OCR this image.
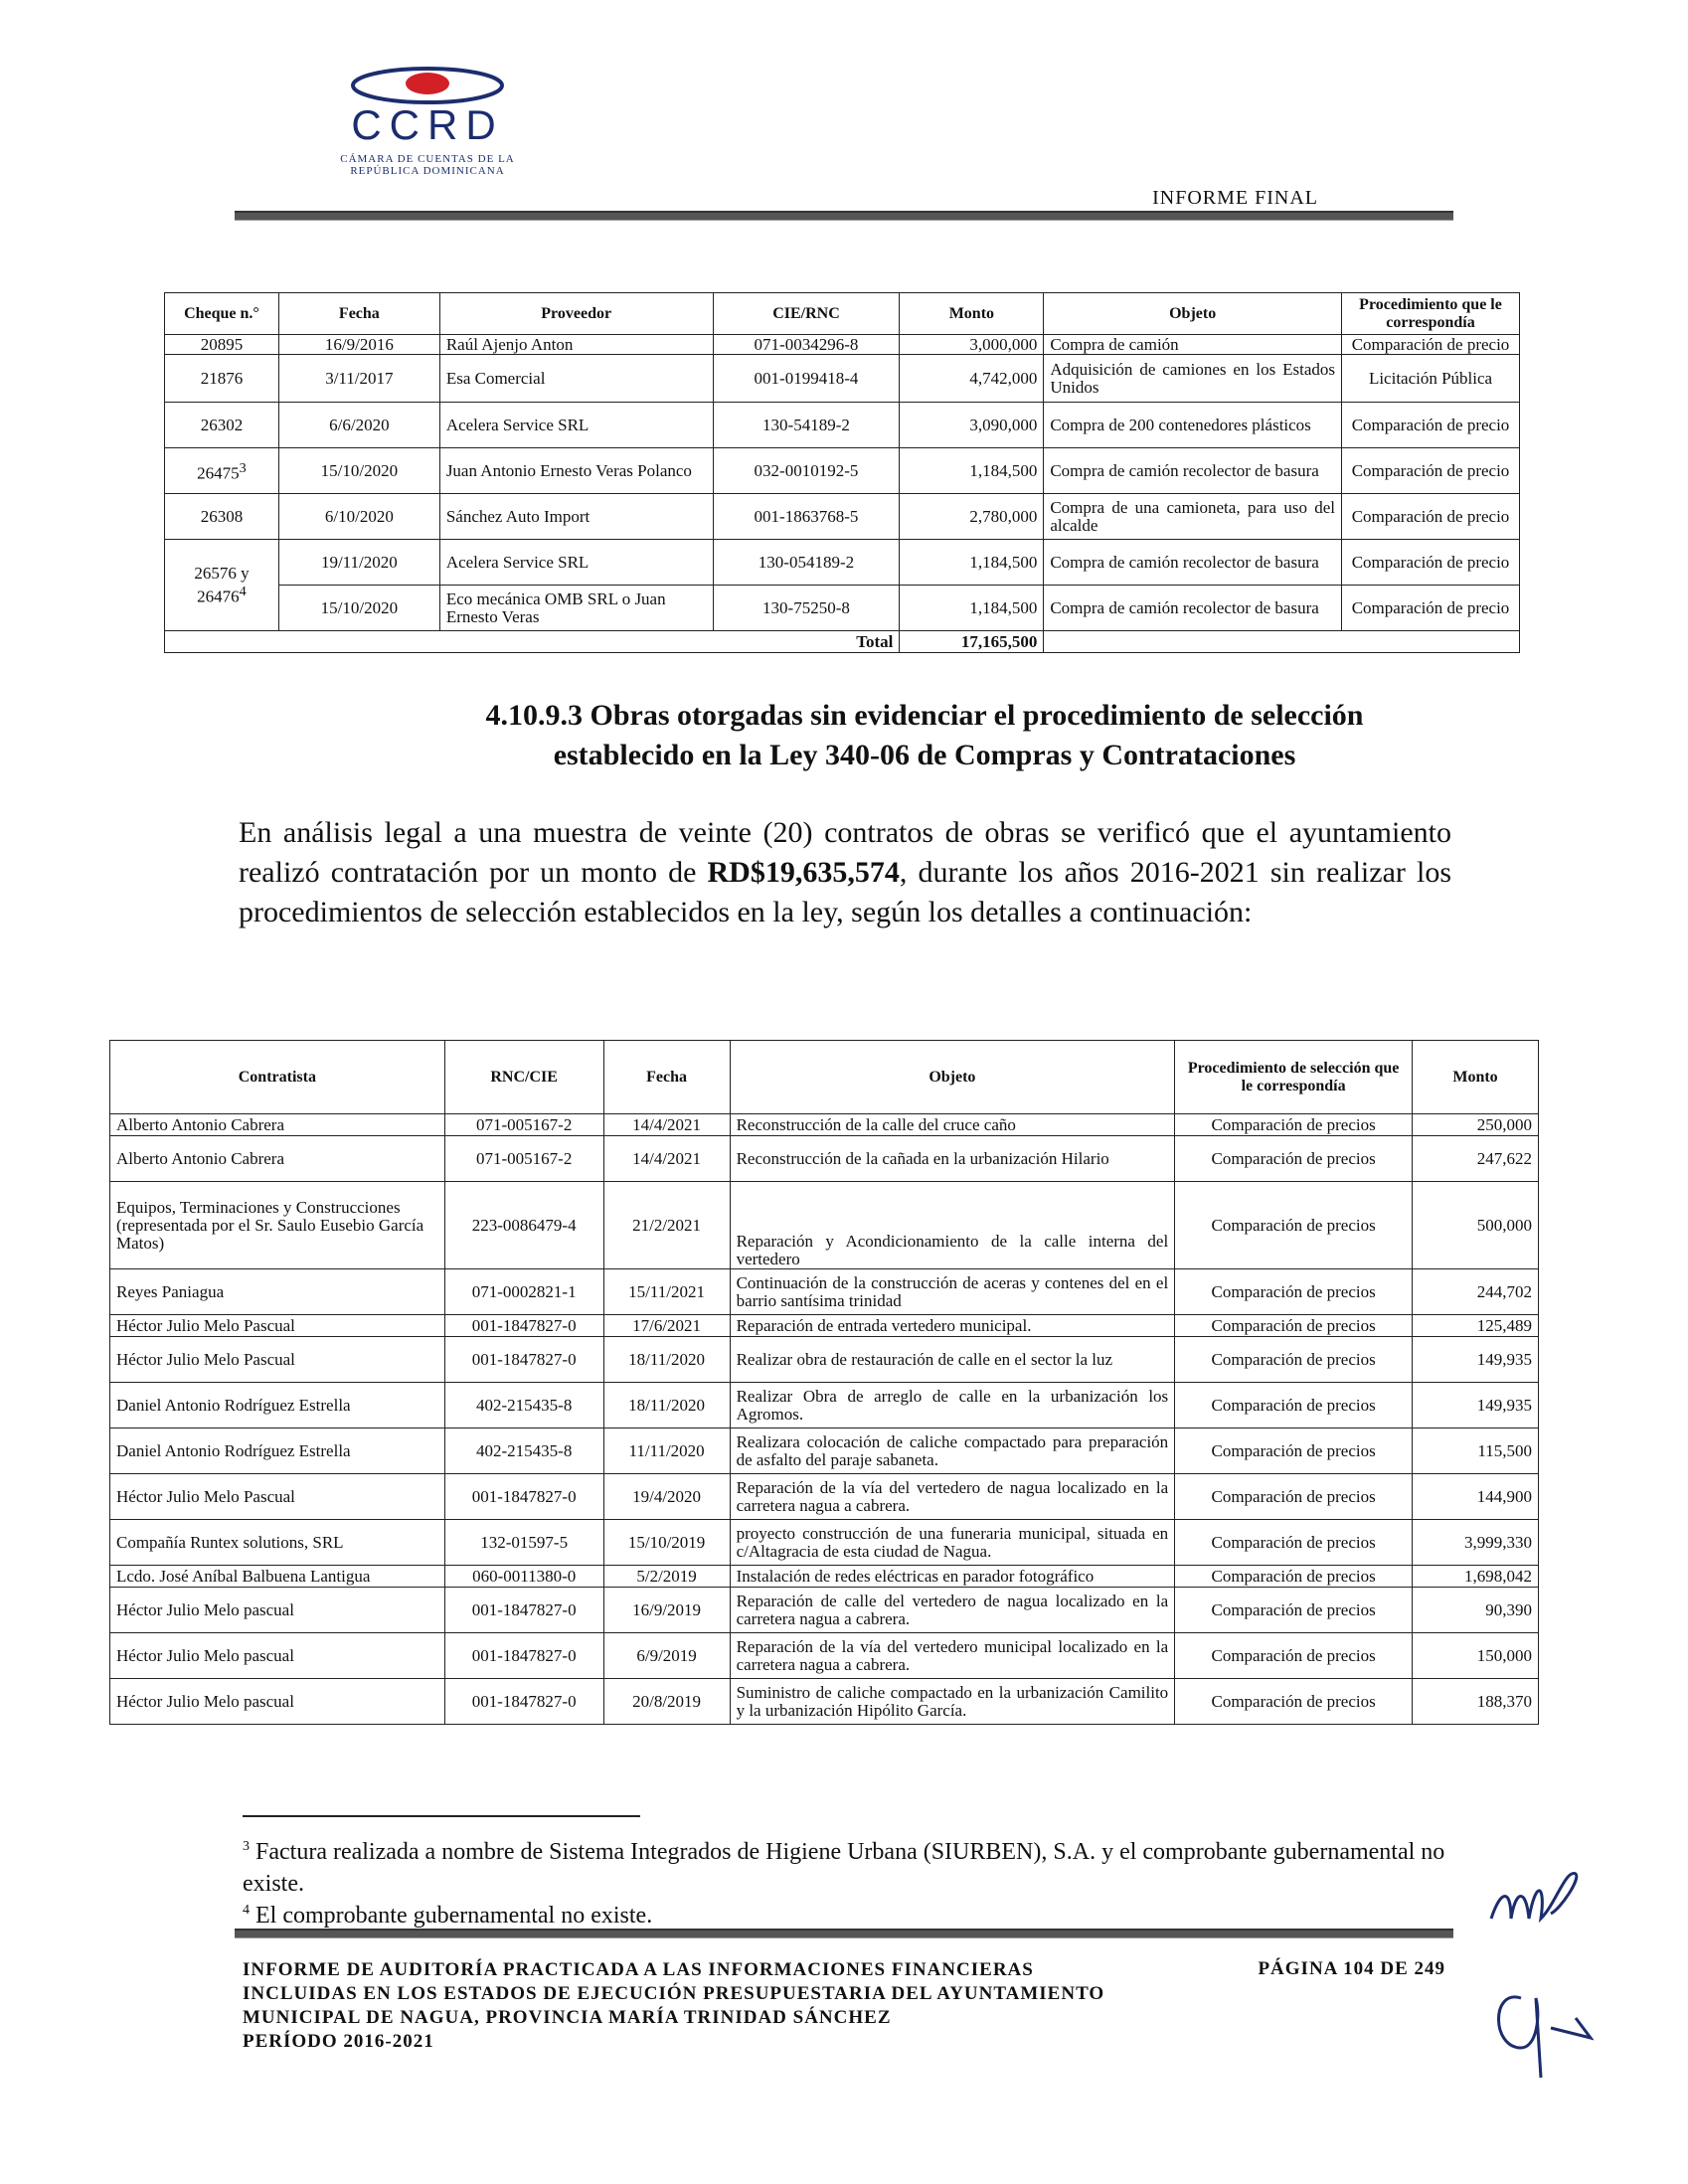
CCRD
CÁMARA DE CUENTAS DE LA REPÚBLICA DOMINICANA
INFORME FINAL
Cheque n.°	Fecha	Proveedor	CIE/RNC	Monto	Objeto	Procedimiento que le correspondía
20895	16/9/2016	Raúl Ajenjo Anton	071-0034296-8	3,000,000	Compra de camión	Comparación de precio
21876	3/11/2017	Esa Comercial	001-0199418-4	4,742,000	Adquisición de camiones en los Estados Unidos	Licitación Pública
26302	6/6/2020	Acelera Service SRL	130-54189-2	3,090,000	Compra de 200 contenedores plásticos	Comparación de precio
26475$^3$	15/10/2020	Juan Antonio Ernesto Veras Polanco	032-0010192-5	1,184,500	Compra de camión recolector de basura	Comparación de precio
26308	6/10/2020	Sánchez Auto Import	001-1863768-5	2,780,000	Compra de una camioneta, para uso del alcalde	Comparación de precio
26576 y 26476$^4$	19/11/2020	Acelera Service SRL	130-054189-2	1,184,500	Compra de camión recolector de basura	Comparación de precio
	15/10/2020	Eco mecánica OMB SRL o Juan Ernesto Veras	130-75250-8	1,184,500	Compra de camión recolector de basura	Comparación de precio
Total				17,165,500		
4.10.9.3 Obras otorgadas sin evidenciar el procedimiento de selección
establecido en la Ley 340-06 de Compras y Contrataciones
En análisis legal a una muestra de veinte (20) contratos de obras se verificó que el ayuntamiento realizó contratación por un monto de RD$19,635,574, durante los años 2016-2021 sin realizar los procedimientos de selección establecidos en la ley, según los detalles a continuación:
Contratista	RNC/CIE	Fecha	Objeto	Procedimiento de selección que le correspondía	Monto
Alberto Antonio Cabrera	071-005167-2	14/4/2021	Reconstrucción de la calle del cruce caño	Comparación de precios	250,000
Alberto Antonio Cabrera	071-005167-2	14/4/2021	Reconstrucción de la cañada en la urbanización Hilario	Comparación de precios	247,622
Equipos, Terminaciones y Construcciones (representada por el Sr. Saulo Eusebio García Matos)	223-0086479-4	21/2/2021	Reparación y Acondicionamiento de la calle interna del vertedero	Comparación de precios	500,000
Reyes Paniagua	071-0002821-1	15/11/2021	Continuación de la construcción de aceras y contenes del en el barrio santísima trinidad	Comparación de precios	244,702
Héctor Julio Melo Pascual	001-1847827-0	17/6/2021	Reparación de entrada vertedero municipal.	Comparación de precios	125,489
Héctor Julio Melo Pascual	001-1847827-0	18/11/2020	Realizar obra de restauración de calle en el sector la luz	Comparación de precios	149,935
Daniel Antonio Rodríguez Estrella	402-215435-8	18/11/2020	Realizar Obra de arreglo de calle en la urbanización los Agromos.	Comparación de precios	149,935
Daniel Antonio Rodríguez Estrella	402-215435-8	11/11/2020	Realizara colocación de caliche compactado para preparación de asfalto del paraje sabaneta.	Comparación de precios	115,500
Héctor Julio Melo Pascual	001-1847827-0	19/4/2020	Reparación de la vía del vertedero de nagua localizado en la carretera nagua a cabrera.	Comparación de precios	144,900
Compañía Runtex solutions, SRL	132-01597-5	15/10/2019	proyecto construcción de una funeraria municipal, situada en c/Altagracia de esta ciudad de Nagua.	Comparación de precios	3,999,330
Lcdo. José Aníbal Balbuena Lantigua	060-0011380-0	5/2/2019	Instalación de redes eléctricas en parador fotográfico	Comparación de precios	1,698,042
Héctor Julio Melo pascual	001-1847827-0	16/9/2019	Reparación de calle del vertedero de nagua localizado en la carretera nagua a cabrera.	Comparación de precios	90,390
Héctor Julio Melo pascual	001-1847827-0	6/9/2019	Reparación de la vía del vertedero municipal localizado en la carretera nagua a cabrera.	Comparación de precios	150,000
Héctor Julio Melo pascual	001-1847827-0	20/8/2019	Suministro de caliche compactado en la urbanización Camilito y la urbanización Hipólito García.	Comparación de precios	188,370
$^3$ Factura realizada a nombre de Sistema Integrados de Higiene Urbana (SIURBEN), S.A. y el comprobante gubernamental no existe.
$^4$ El comprobante gubernamental no existe.
INFORME DE AUDITORÍA PRACTICADA A LAS INFORMACIONES FINANCIERAS
INCLUIDAS EN LOS ESTADOS DE EJECUCIÓN PRESUPUESTARIA DEL AYUNTAMIENTO
MUNICIPAL DE NAGUA, PROVINCIA MARÍA TRINIDAD SÁNCHEZ
PERÍODO 2016-2021
PÁGINA 104 DE 249
